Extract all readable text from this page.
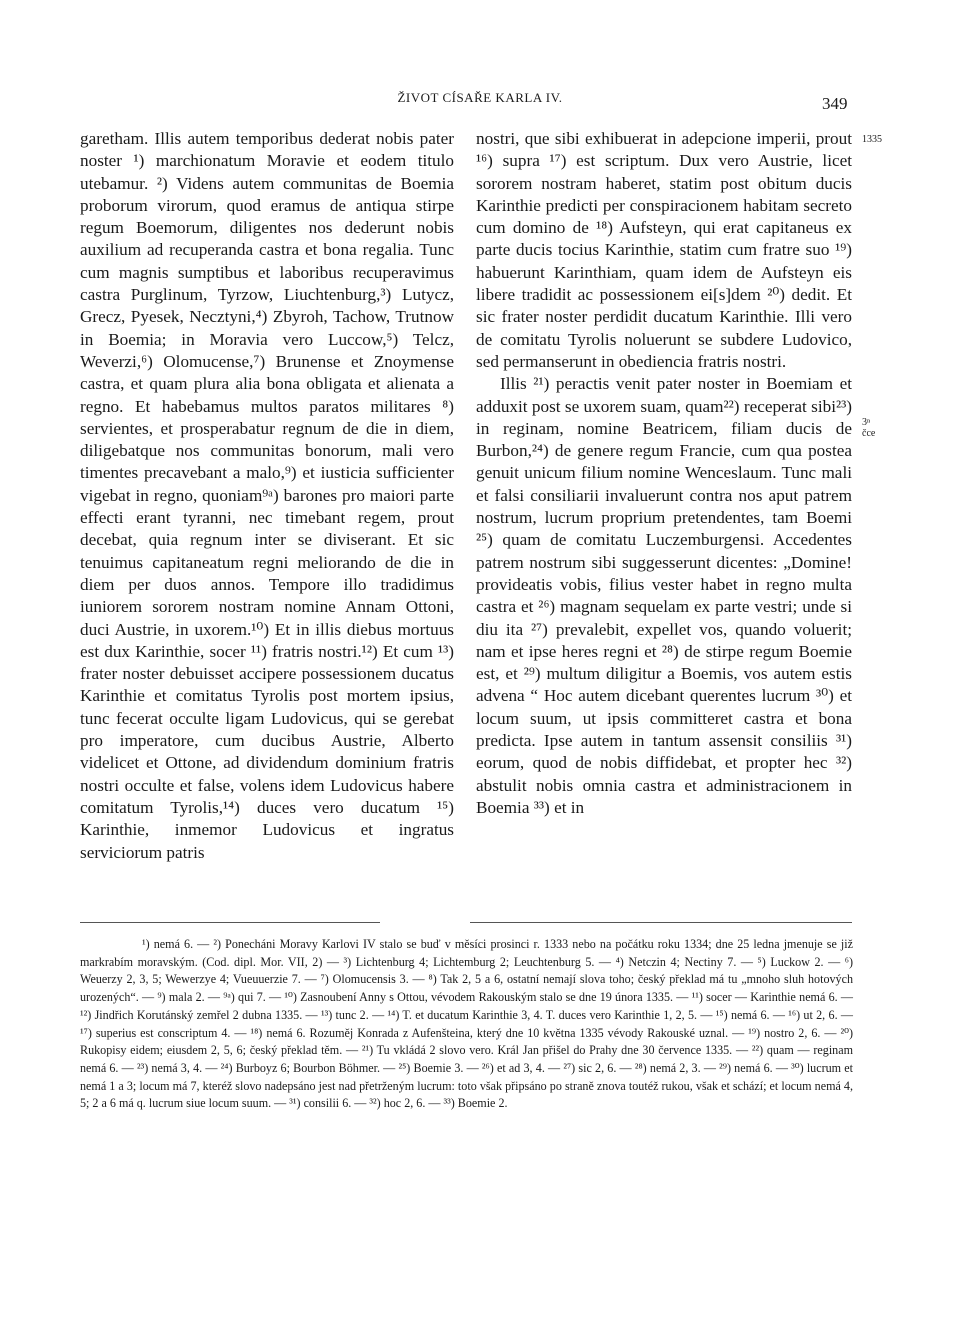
ŽIVOT CÍSAŘE KARLA IV.	349
1335
3ⁿ
čce

garetham. Illis autem temporibus dederat nobis pater noster ¹) marchionatum Moravie et eodem titulo utebamur. ²) Videns autem communitas de Boemia proborum virorum, quod eramus de antiqua stirpe regum Boemorum, diligentes nos dederunt nobis auxilium ad recuperanda castra et bona regalia. Tunc cum magnis sumptibus et laboribus recuperavimus castra Purglinum, Tyrzow, Liuchtenburg,³) Lutycz, Grecz, Pyesek, Necztyni,⁴) Zbyroh, Tachow, Trutnow in Boemia; in Moravia vero Luccow,⁵) Telcz, Weverzi,⁶) Olomucense,⁷) Brunense et Znoymense castra, et quam plura alia bona obligata et alienata a regno. Et habebamus multos paratos militares ⁸) servientes, et prosperabatur regnum de die in diem, diligebatque nos communitas bonorum, mali vero timentes precavebant a malo,⁹) et iusticia sufficienter vigebat in regno, quoniam⁹ᵃ) barones pro maiori parte effecti erant tyranni, nec timebant regem, prout decebat, quia regnum inter se diviserant. Et sic tenuimus capitaneatum regni meliorando de die in diem per duos annos. Tempore illo tradidimus iuniorem sororem nostram nomine Annam Ottoni, duci Austrie, in uxorem.¹⁰) Et in illis diebus mortuus est dux Karinthie, socer ¹¹) fratris nostri.¹²) Et cum ¹³) frater noster debuisset accipere possessionem ducatus Karinthie et comitatus Tyrolis post mortem ipsius, tunc fecerat occulte ligam Ludovicus, qui se gerebat pro imperatore, cum ducibus Austrie, Alberto videlicet et Ottone, ad dividendum dominium fratris nostri occulte et false, volens idem Ludovicus habere comitatum Tyrolis,¹⁴) duces vero ducatum ¹⁵) Karinthie, inmemor Ludovicus et ingratus serviciorum patris

nostri, que sibi exhibuerat in adepcione imperii, prout ¹⁶) supra ¹⁷) est scriptum. Dux vero Austrie, licet sororem nostram haberet, statim post obitum ducis Karinthie predicti per conspiracionem habitam secreto cum domino de ¹⁸) Aufsteyn, qui erat capitaneus ex parte ducis tocius Karinthie, statim cum fratre suo ¹⁹) habuerunt Karinthiam, quam idem de Aufsteyn eis libere tradidit ac possessionem ei[s]dem ²⁰) dedit. Et sic frater noster perdidit ducatum Karinthie. Illi vero de comitatu Tyrolis noluerunt se subdere Ludovico, sed permanserunt in obediencia fratris nostri.

Illis ²¹) peractis venit pater noster in Boemiam et adduxit post se uxorem suam, quam²²) receperat sibi²³) in reginam, nomine Beatricem, filiam ducis de Burbon,²⁴) de genere regum Francie, cum qua postea genuit unicum filium nomine Wenceslaum. Tunc mali et falsi consiliarii invaluerunt contra nos aput patrem nostrum, lucrum proprium pretendentes, tam Boemi ²⁵) quam de comitatu Luczemburgensi. Accedentes patrem nostrum sibi suggesserunt dicentes: „Domine! provideatis vobis, filius vester habet in regno multa castra et ²⁶) magnam sequelam ex parte vestri; unde si diu ita ²⁷) prevalebit, expellet vos, quando voluerit; nam et ipse heres regni et ²⁸) de stirpe regum Boemie est, et ²⁹) multum diligitur a Boemis, vos autem estis advena “ Hoc autem dicebant querentes lucrum ³⁰) et locum suum, ut ipsis committeret castra et bona predicta. Ipse autem in tantum assensit consiliis ³¹) eorum, quod de nobis diffidebat, et propter hec ³²) abstulit nobis omnia castra et administracionem in Boemia ³³) et in

¹) nemá 6. — ²) Ponecháni Moravy Karlovi IV stalo se buď v měsíci prosinci r. 1333 nebo na počátku roku 1334; dne 25 ledna jmenuje se již markrabím moravským. (Cod. dipl. Mor. VII, 2) — ³) Lichtenburg 4; Lichtemburg 2; Leuchtenburg 5. — ⁴) Netczin 4; Nectiny 7. — ⁵) Luckow 2. — ⁶) Weuerzy 2, 3, 5; Wewerzye 4; Vueuuerzie 7. — ⁷) Olomucensis 3. — ⁸) Tak 2, 5 a 6, ostatní nemají slova toho; český překlad má tu „mnoho sluh hotových urozených“. — ⁹) mala 2. — ⁹ᵃ) qui 7. — ¹⁰) Zasnoubení Anny s Ottou, vévodem Rakouským stalo se dne 19 února 1335. — ¹¹) socer — Karinthie nemá 6. — ¹²) Jindřich Korutánský zemřel 2 dubna 1335. — ¹³) tunc 2. — ¹⁴) T. et ducatum Karinthie 3, 4. T. duces vero Karinthie 1, 2, 5. — ¹⁵) nemá 6. — ¹⁶) ut 2, 6. — ¹⁷) superius est conscriptum 4. — ¹⁸) nemá 6. Rozuměj Konrada z Aufenšteina, který dne 10 května 1335 vévody Rakouské uznal. — ¹⁹) nostro 2, 6. — ²⁰) Rukopisy eidem; eiusdem 2, 5, 6; český překlad těm. — ²¹) Tu vkládá 2 slovo vero. Král Jan přišel do Prahy dne 30 července 1335. — ²²) quam — reginam nemá 6. — ²³) nemá 3, 4. — ²⁴) Burboyz 6; Bourbon Böhmer. — ²⁵) Boemie 3. — ²⁶) et ad 3, 4. — ²⁷) sic 2, 6. — ²⁸) nemá 2, 3. — ²⁹) nemá 6. — ³⁰) lucrum et nemá 1 a 3; locum má 7, kteréž slovo nadepsáno jest nad přetrženým lucrum: toto však připsáno po straně znova toutéž rukou, však et schází; et locum nemá 4, 5; 2 a 6 má q. lucrum siue locum suum. — ³¹) consilii 6. — ³²) hoc 2, 6. — ³³) Boemie 2.
